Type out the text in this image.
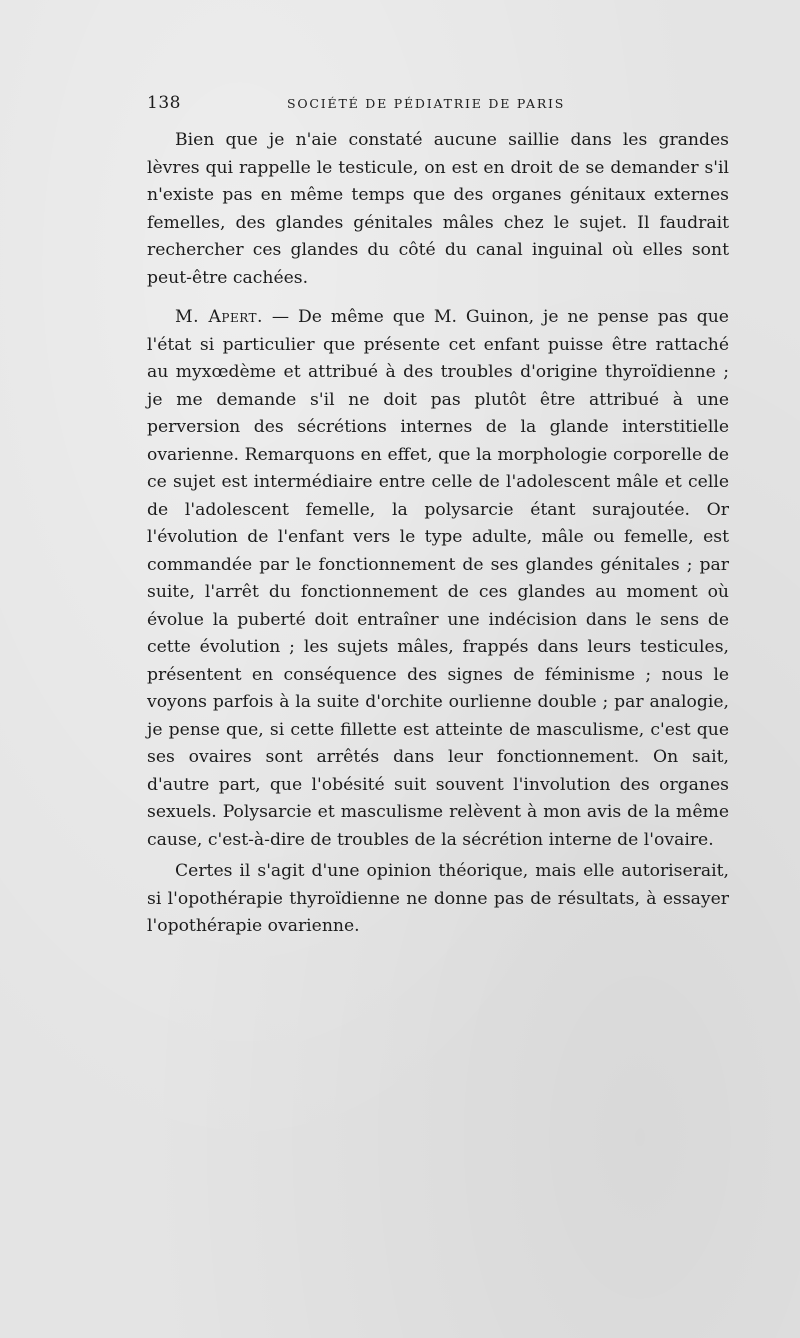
138	SOCIÉTÉ DE PÉDIATRIE DE PARIS

Bien que je n'aie constaté aucune saillie dans les grandes lèvres qui rappelle le testicule, on est en droit de se demander s'il n'existe pas en même temps que des organes génitaux externes femelles, des glandes génitales mâles chez le sujet. Il faudrait rechercher ces glandes du côté du canal inguinal où elles sont peut-être cachées.

M. Apert. — De même que M. Guinon, je ne pense pas que l'état si particulier que présente cet enfant puisse être rattaché au myxœdème et attribué à des troubles d'origine thyroïdienne ; je me demande s'il ne doit pas plutôt être attribué à une perversion des sécrétions internes de la glande interstitielle ovarienne. Remarquons en effet, que la morphologie corporelle de ce sujet est intermédiaire entre celle de l'adolescent mâle et celle de l'adolescent femelle, la polysarcie étant surajoutée. Or l'évolution de l'enfant vers le type adulte, mâle ou femelle, est commandée par le fonctionnement de ses glandes génitales ; par suite, l'arrêt du fonctionnement de ces glandes au moment où évolue la puberté doit entraîner une indécision dans le sens de cette évolution ; les sujets mâles, frappés dans leurs testicules, présentent en conséquence des signes de féminisme ; nous le voyons parfois à la suite d'orchite ourlienne double ; par analogie, je pense que, si cette fillette est atteinte de masculisme, c'est que ses ovaires sont arrêtés dans leur fonctionnement. On sait, d'autre part, que l'obésité suit souvent l'involution des organes sexuels. Polysarcie et masculisme relèvent à mon avis de la même cause, c'est-à-dire de troubles de la sécrétion interne de l'ovaire.

Certes il s'agit d'une opinion théorique, mais elle autoriserait, si l'opothérapie thyroïdienne ne donne pas de résultats, à essayer l'opothérapie ovarienne.
